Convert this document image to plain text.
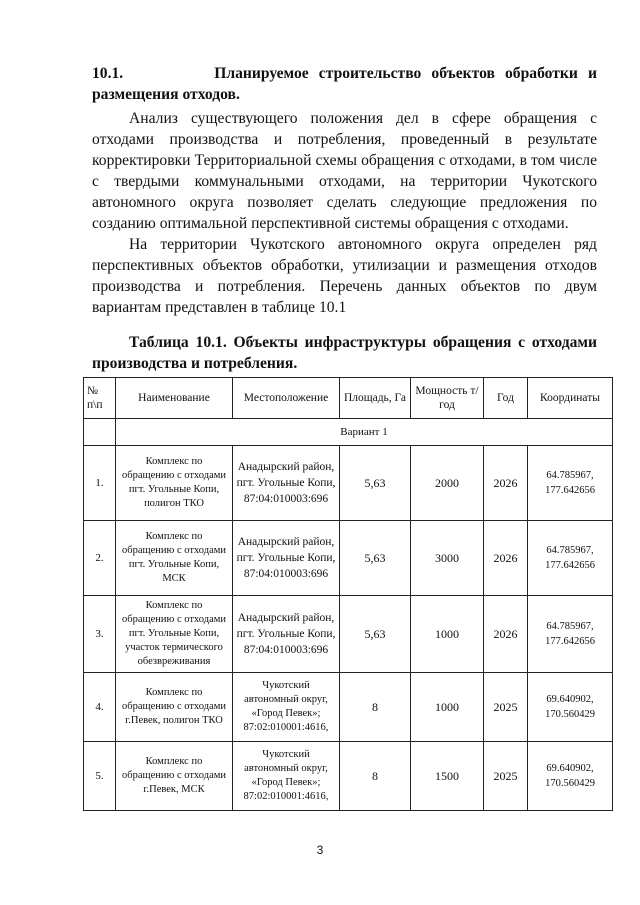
10.1.         Планируемое строительство объектов обработки и размещения отходов.
Анализ существующего положения дел в сфере обращения с отходами производства и потребления, проведенный в результате корректировки Территориальной схемы обращения с отходами, в том числе с твердыми коммунальными отходами, на территории Чукотского автономного округа позволяет сделать следующие предложения по созданию оптимальной перспективной системы обращения с отходами.
На территории Чукотского автономного округа определен ряд перспективных объектов обработки, утилизации и размещения отходов производства и потребления. Перечень данных объектов по двум вариантам представлен в таблице 10.1
Таблица 10.1. Объекты инфраструктуры обращения с отходами производства и потребления.
№ п\п	Наименование	Местоположение	Площадь, Га	Мощность т/год	Год	Координаты
	Вариант 1					
1.	Комплекс по обращению с отходами пгт. Угольные Копи, полигон ТКО	Анадырский район, пгт. Угольные Копи, 87:04:010003:696	5,63	2000	2026	64.785967, 177.642656
2.	Комплекс по обращению с отходами пгт. Угольные Копи, МСК	Анадырский район, пгт. Угольные Копи, 87:04:010003:696	5,63	3000	2026	64.785967, 177.642656
3.	Комплекс по обращению с отходами пгт. Угольные Копи, участок термического обезвреживания	Анадырский район, пгт. Угольные Копи, 87:04:010003:696	5,63	1000	2026	64.785967, 177.642656
4.	Комплекс по обращению с отходами г.Певек, полигон ТКО	Чукотский автономный округ, «Город Певек»; 87:02:010001:4616,	8	1000	2025	69.640902, 170.560429
5.	Комплекс по обращению с отходами г.Певек, МСК	Чукотский автономный округ, «Город Певек»; 87:02:010001:4616,	8	1500	2025	69.640902, 170.560429
3
